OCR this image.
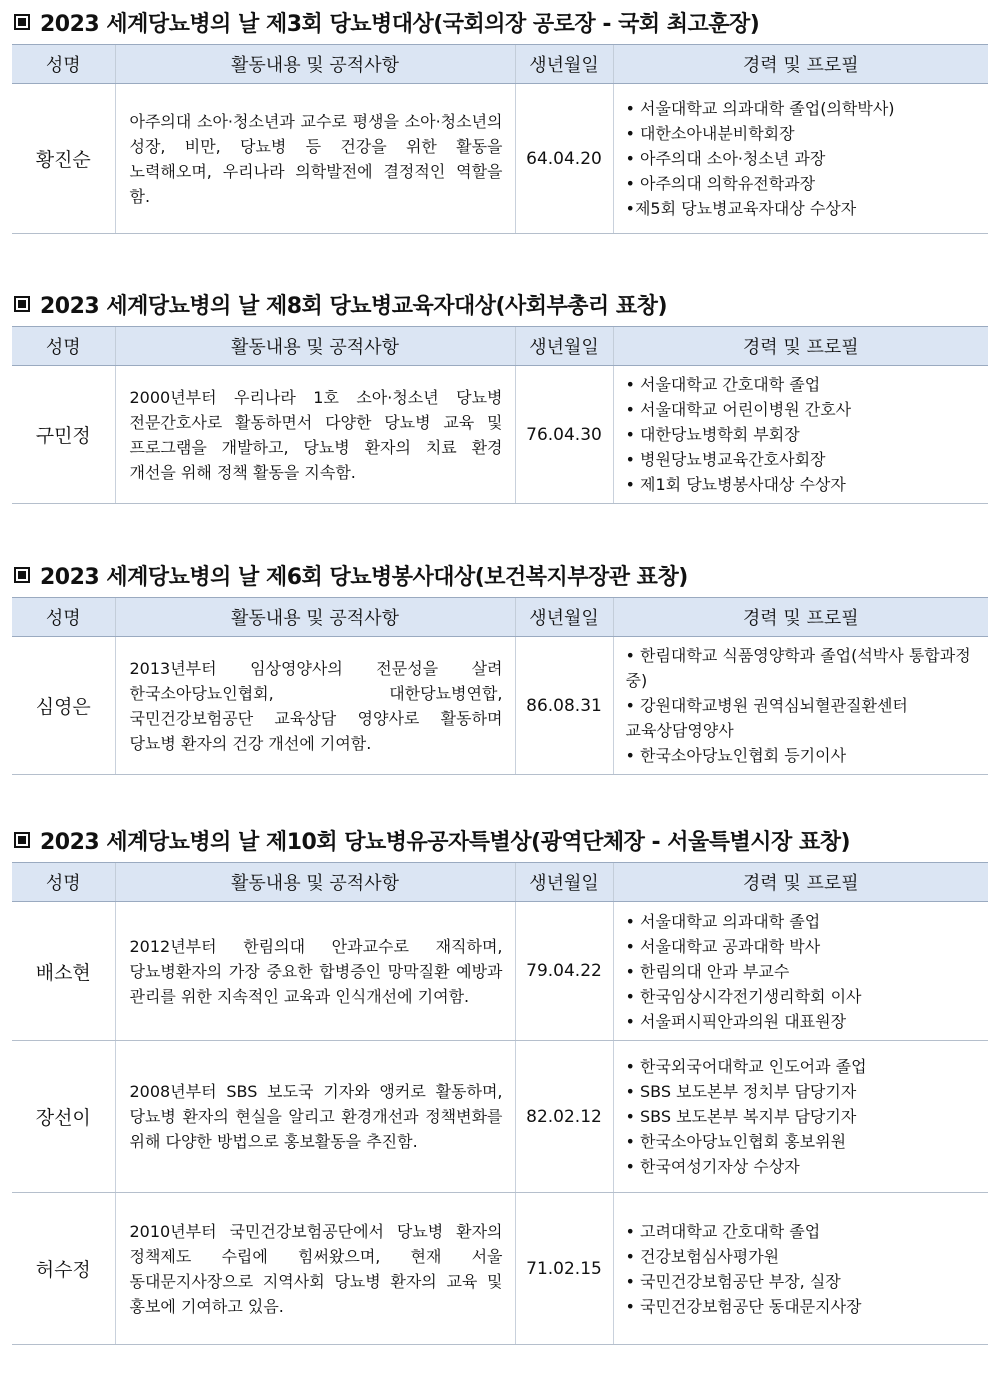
2023 세계당뇨병의 날 제3회 당뇨병대상(국회의장 공로장 - 국회 최고훈장)
성명	활동내용 및 공적사항	생년월일	경력 및 프로필
황진순	아주의대 소아·청소년과 교수로 평생을 소아·청소년의 성장, 비만, 당뇨병 등 건강을 위한 활동을 노력해오며, 우리나라 의학발전에 결정적인 역할을 함.	64.04.20	• 서울대학교 의과대학 졸업(의학박사)
• 대한소아내분비학회장
• 아주의대 소아·청소년 과장
• 아주의대 의학유전학과장
•제5회 당뇨병교육자대상 수상자
2023 세계당뇨병의 날 제8회 당뇨병교육자대상(사회부총리 표창)
성명	활동내용 및 공적사항	생년월일	경력 및 프로필
구민정	2000년부터 우리나라 1호 소아·청소년 당뇨병 전문간호사로 활동하면서 다양한 당뇨병 교육 및 프로그램을 개발하고, 당뇨병 환자의 치료 환경 개선을 위해 정책 활동을 지속함.	76.04.30	• 서울대학교 간호대학 졸업
• 서울대학교 어린이병원 간호사
• 대한당뇨병학회 부회장
• 병원당뇨병교육간호사회장
• 제1회 당뇨병봉사대상 수상자
2023 세계당뇨병의 날 제6회 당뇨병봉사대상(보건복지부장관 표창)
성명	활동내용 및 공적사항	생년월일	경력 및 프로필
심영은	2013년부터 임상영양사의 전문성을 살려 한국소아당뇨인협회, 대한당뇨병연합, 국민건강보험공단 교육상담 영양사로 활동하며 당뇨병 환자의 건강 개선에 기여함.	86.08.31	• 한림대학교 식품영양학과 졸업(석박사 통합과정 중)
• 강원대학교병원 권역심뇌혈관질환센터 교육상담영양사
• 한국소아당뇨인협회 등기이사
2023 세계당뇨병의 날 제10회 당뇨병유공자특별상(광역단체장 - 서울특별시장 표창)
성명	활동내용 및 공적사항	생년월일	경력 및 프로필
배소현	2012년부터 한림의대 안과교수로 재직하며, 당뇨병환자의 가장 중요한 합병증인 망막질환 예방과 관리를 위한 지속적인 교육과 인식개선에 기여함.	79.04.22	• 서울대학교 의과대학 졸업
• 서울대학교 공과대학 박사
• 한림의대 안과 부교수
• 한국임상시각전기생리학회 이사
• 서울퍼시픽안과의원 대표원장

장선이	2008년부터 SBS 보도국 기자와 앵커로 활동하며, 당뇨병 환자의 현실을 알리고 환경개선과 정책변화를 위해 다양한 방법으로 홍보활동을 추진함.	82.02.12	• 한국외국어대학교 인도어과 졸업
• SBS 보도본부 정치부 담당기자
• SBS 보도본부 복지부 담당기자
• 한국소아당뇨인협회 홍보위원
• 한국여성기자상 수상자

허수정	2010년부터 국민건강보험공단에서 당뇨병 환자의 정책제도 수립에 힘써왔으며, 현재 서울 동대문지사장으로 지역사회 당뇨병 환자의 교육 및 홍보에 기여하고 있음.	71.02.15	• 고려대학교 간호대학 졸업
• 건강보험심사평가원
• 국민건강보험공단 부장, 실장
• 국민건강보험공단 동대문지사장
